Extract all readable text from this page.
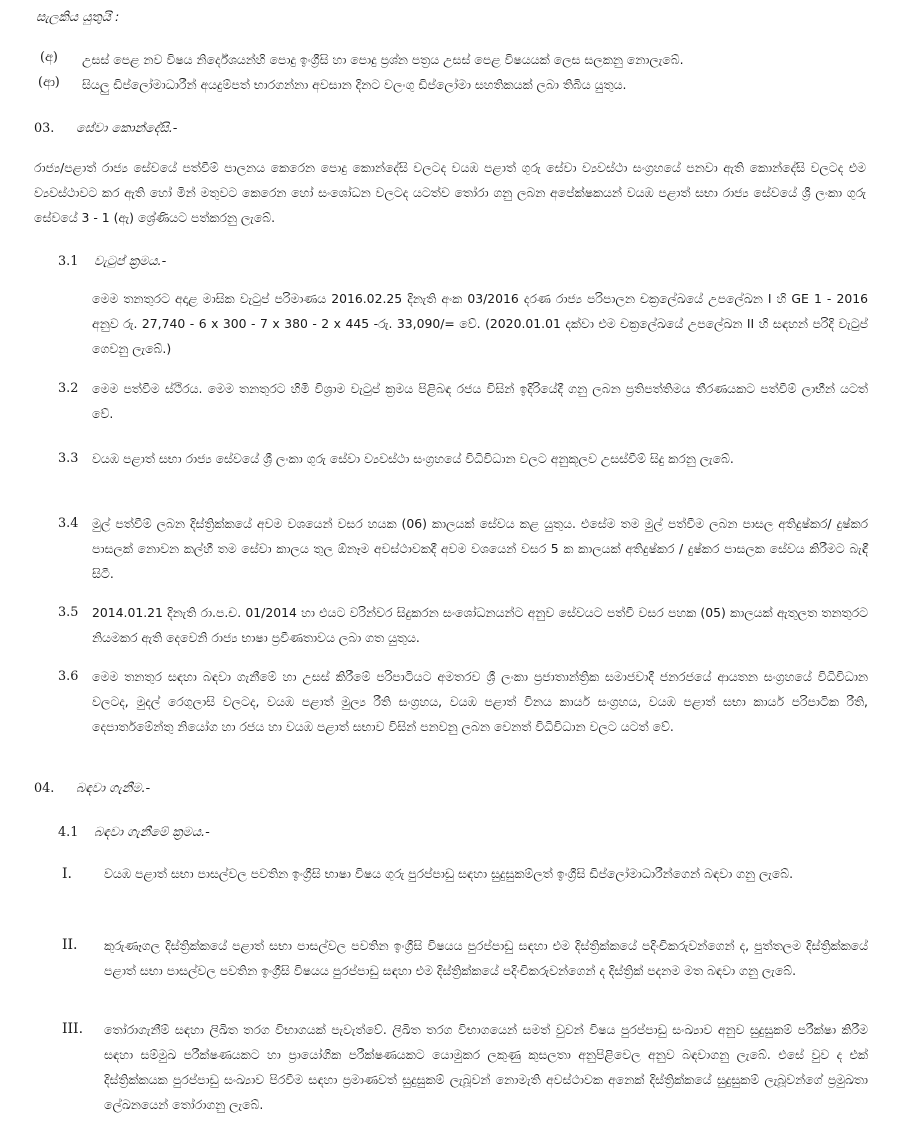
සැලකිය යුතුයි :
(අ) උසස් පෙළ නව විෂය නිර්දේශයන්හි පොදු ඉංග්‍රීසි හා පොදු ප්‍රශ්න පත්‍රය උසස් පෙළ විෂයයක් ලෙස සලකනු නොලැබේ.
(ආ) සියලු ඩිප්ලෝමාධාරීන් අයදුම්පත් භාරගන්නා අවසාන දිනට වලංගු ඩිප්ලෝමා සහතිකයක් ලබා තිබිය යුතුය.
03. සේවා කොන්දේසි.-
රාජ්‍ය/පළාත් රාජ්‍ය සේවයේ පත්වීම් පාලනය කෙරෙන පොදු කොන්දේසි වලටද වයඹ පළාත් ගුරු සේවා ව්‍යවස්ථා සංග්‍රහයේ පනවා ඇති කොන්දේසි වලටද එම ව්‍යවස්ථාවට කර ඇති හෝ මින් මතුවට කෙරෙන හෝ සංශෝධන වලටද යටත්ව තෝරා ගනු ලබන අපේක්ෂකයන් වයඹ පළාත් සභා රාජ්‍ය සේවයේ ශ්‍රී ලංකා ගුරු සේවයේ 3 - 1 (ඇ) ශ්‍රේණියට පත්කරනු ලැබේ.
3.1 වැටුප් ක්‍රමය.-
මෙම තනතුරට අදාළ මාසික වැටුප් පරිමාණය 2016.02.25 දිනැති අංක 03/2016 දරණ රාජ්‍ය පරිපාලන චක්‍රලේඛයේ උපලේඛන I හි GE 1 - 2016 අනුව රු. 27,740 - 6 x 300 - 7 x 380 - 2 x 445 -රු. 33,090/= වේ. (2020.01.01 දක්වා එම චක්‍රලේඛයේ උපලේඛන II හි සඳහන් පරිදි වැටුප් ගෙවනු ලැබේ.)
3.2 මෙම පත්වීම ස්ථිරය. මෙම තනතුරට හිමි විශ්‍රාම වැටුප් ක්‍රමය පිළිබඳ රජය විසින් ඉදිරියේදී ගනු ලබන ප්‍රතිපත්තිමය තීරණයකට පත්වීම් ලාභීන් යටත් වේ.
3.3 වයඹ පළාත් සභා රාජ්‍ය සේවයේ ශ්‍රී ලංකා ගුරු සේවා ව්‍යවස්ථා සංග්‍රහයේ විධිවිධාන වලට අනුකූලව උසස්වීම් සිදු කරනු ලැබේ.
3.4 මුල් පත්වීම් ලබන දිස්ත්‍රික්කයේ අවම වශයෙන් වසර හයක (06) කාලයක් සේවය කළ යුතුය. එසේම තම මුල් පත්වීම ලබන පාසල අතිදුෂ්කර/ දුෂ්කර පාසලක් නොවන කල්හී තම සේවා කාලය තුල ඕනෑම අවස්ථාවකදී අවම වශයෙන් වසර 5 ක කාලයක් අතිදුෂ්කර / දුෂ්කර පාසලක සේවය කිරීමට බැඳී සිටී.
3.5 2014.01.21 දිනැති රා.ප.ච. 01/2014 හා එයට වරින්වර සිදුකරන සංශෝධනයන්ට අනුව සේවයට පත්වී වසර පහක (05) කාලයක් ඇතුලත තනතුරට නියමකර ඇති දෙවෙනි රාජ්‍ය භාෂා ප්‍රවීණතාවය ලබා ගත යුතුය.
3.6 මෙම තනතුර සඳහා බඳවා ගැනීමේ හා උසස් කිරීමේ පරිපාටියට අමතරව ශ්‍රී ලංකා ප්‍රජාතාන්ත්‍රික සමාජවාදී ජනරජයේ ආයතන සංග්‍රහයේ විධිවිධාන වලටද, මුදල් රෙගුලාසි වලටද, වයඹ පළාත් මුල්‍ය රීති සංග්‍රහය, වයඹ පළාත් විනය කාර්ය සංග්‍රහය, වයඹ පළාත් සභා කාර්ය පරිපාටික රීති, දෙපාර්තමේන්තු නියෝග හා රජය හා වයඹ පළාත් සභාව විසින් පනවනු ලබන වෙනත් විධිවිධාන වලට යටත් වේ.
04. බඳවා ගැනීම.-
4.1 බඳවා ගැනීමේ ක්‍රමය.-
I.	වයඹ පළාත් සභා පාසල්වල පවතින ඉංග්‍රීසි භාෂා විෂය ගුරු පුරප්පාඩු සඳහා සුදුසුකම්ලත් ඉංග්‍රීසි ඩිප්ලෝමාධාරීන්ගෙන් බඳවා ගනු ලැබේ.
II. කුරුණෑගල දිස්ත්‍රික්කයේ පළාත් සභා පාසල්වල පවතින ඉංග්‍රීසි විෂයය පුරප්පාඩු සඳහා එම දිස්ත්‍රික්කයේ පදිංචිකරුවන්ගෙන් ද, පුත්තලම දිස්ත්‍රික්කයේ පළාත් සභා පාසල්වල පවතින ඉංග්‍රීසි විෂයය පුරප්පාඩු සඳහා එම දිස්ත්‍රික්කයේ පදිංචිකරුවන්ගෙන් ද දිස්ත්‍රික් පදනම මත බඳවා ගනු ලැබේ.
III. තෝරාගැනීම් සඳහා ලිඛිත තරග විභාගයක් පැවැත්වේ. ලිඛිත තරග විභාගයෙන් සමත් වුවන් විෂය පුරප්පාඩු සංඛ්‍යාව අනුව සුදුසුකම් පරීක්ෂා කිරීම සඳහා සම්මුඛ පරීක්ෂණයකට හා ප්‍රායෝගික පරීක්ෂණයකට යොමුකර ලකුණු කුසලතා අනුපිළිවෙල අනුව බඳවාගනු ලැබේ. එසේ වුව ද එක් දිස්ත්‍රික්කයක පුරප්පාඩු සංඛ්‍යාව පිරවීම සඳහා ප්‍රමාණවත් සුදුසුකම් ලැබූවන් නොමැති අවස්ථාවක අනෙක් දිස්ත්‍රික්කයේ සුදුසුකම් ලැබූවන්ගේ ප්‍රමුඛතා ලේඛනයෙන් තෝරාගනු ලැබේ.
